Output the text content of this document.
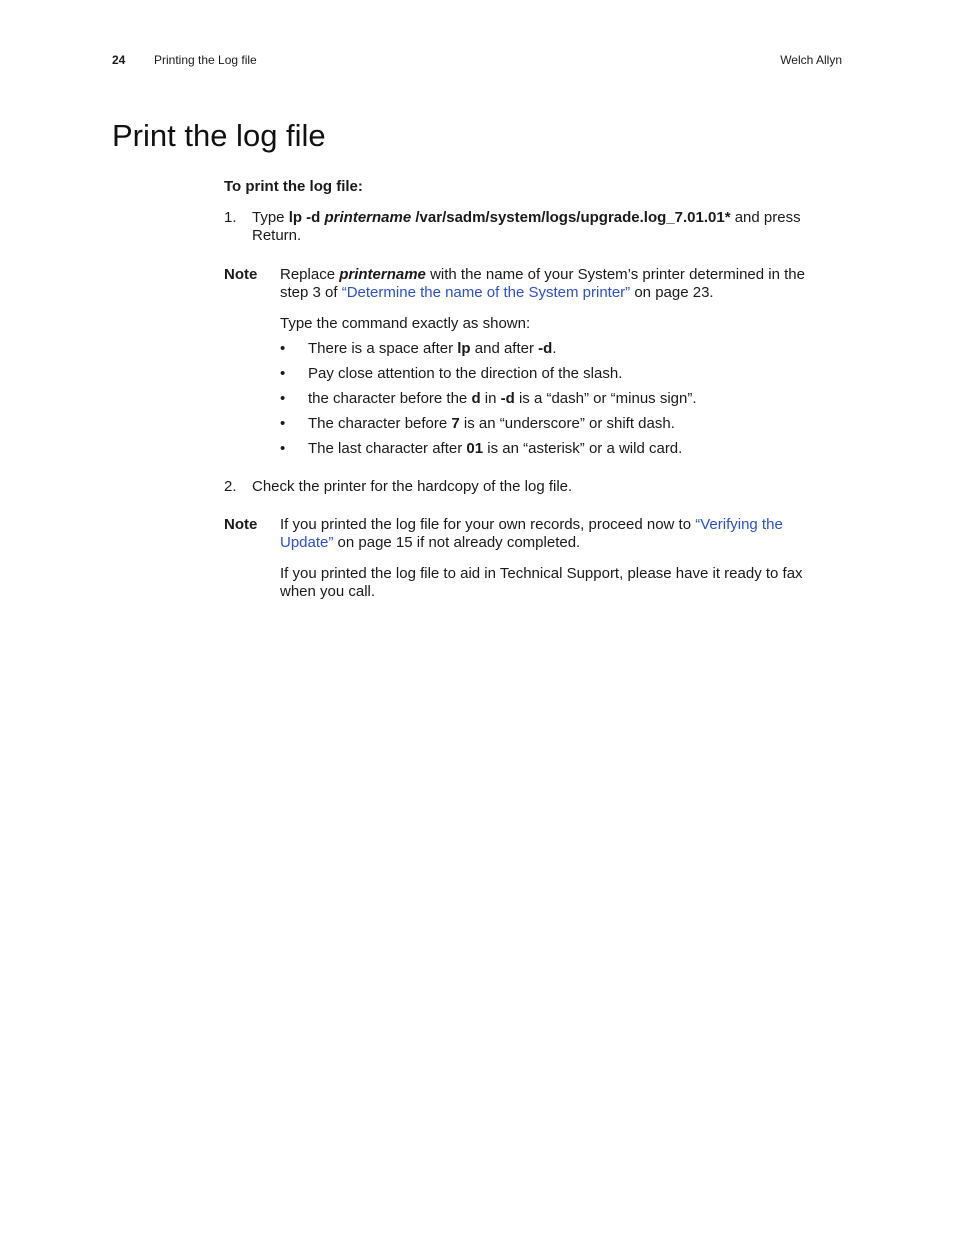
24 Printing the Log file	Welch Allyn
Print the log file
To print the log file:
1. Type lp -d printername /var/sadm/system/logs/upgrade.log_7.01.01* and press Return.
Note Replace printername with the name of your System’s printer determined in the step 3 of “Determine the name of the System printer” on page 23.

Type the command exactly as shown:

• There is a space after lp and after -d.
• Pay close attention to the direction of the slash.
• the character before the d in -d is a “dash” or “minus sign”.
• The character before 7 is an “underscore” or shift dash.
• The last character after 01 is an “asterisk” or a wild card.
2. Check the printer for the hardcopy of the log file.
Note If you printed the log file for your own records, proceed now to “Verifying the Update” on page 15 if not already completed.

If you printed the log file to aid in Technical Support, please have it ready to fax when you call.
